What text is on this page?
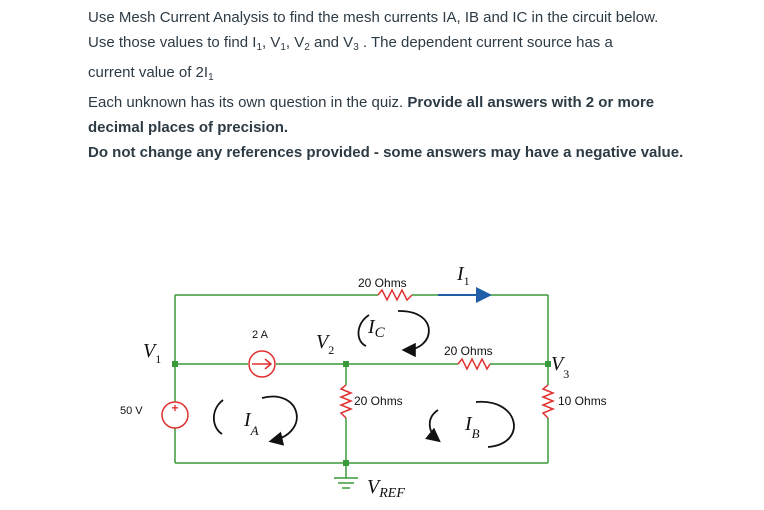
Use Mesh Current Analysis to find the mesh currents IA, IB and IC in the circuit below.
Use those values to find $I_1$, $V_1$, $V_2$ and $V_3$ . The dependent current source has a
current value of $2I_1$
Each unknown has its own question in the quiz. Provide all answers with 2 or more
decimal places of precision.
Do not change any references provided - some answers may have a negative value.
+
20 Ohms
20 Ohms
20 Ohms	10 Ohms
2 A
50 V
$V_1$
$V_2$
$V_3$
$I_1$
$I_A$	$I_B$
$I_C$
$V_{REF}$
